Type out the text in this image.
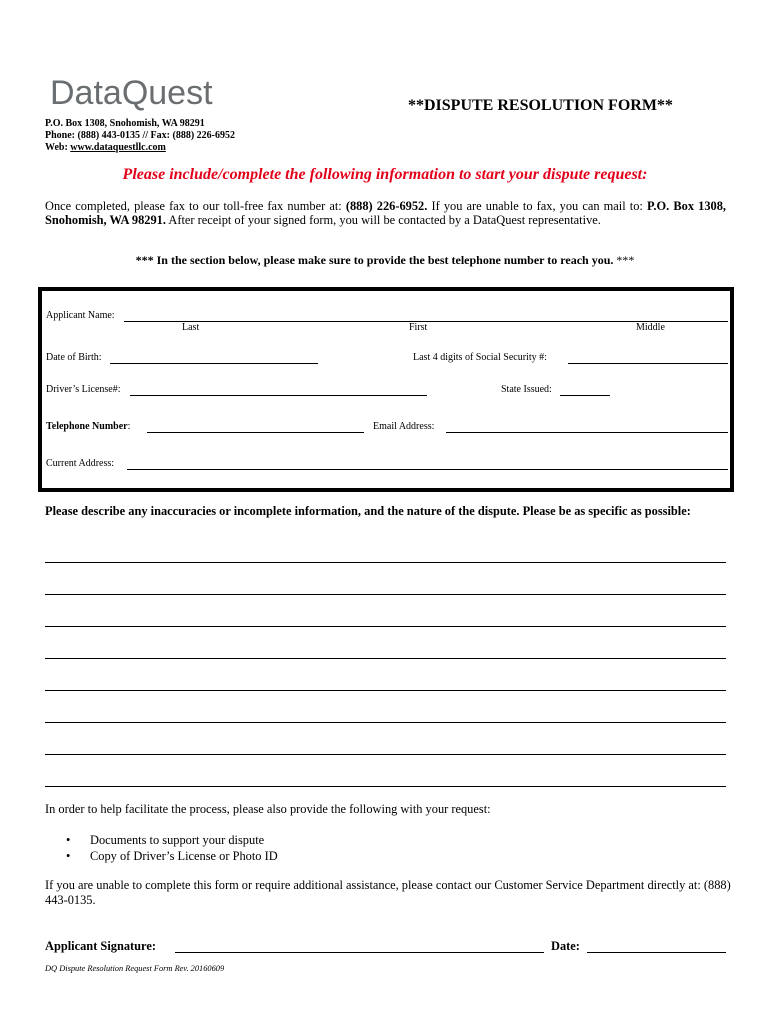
DataQuest	**DISPUTE RESOLUTION FORM**
P.O. Box 1308, Snohomish, WA 98291
Phone: (888) 443-0135 // Fax: (888) 226-6952
Web: www.dataquestllc.com
Please include/complete the following information to start your dispute request:
Once completed, please fax to our toll-free fax number at: (888) 226-6952. If you are unable to fax, you can mail to: P.O. Box 1308, Snohomish, WA 98291. After receipt of your signed form, you will be contacted by a DataQuest representative.
*** In the section below, please make sure to provide the best telephone number to reach you. ***
Applicant Name:
Last	First	Middle
Date of Birth:	Last 4 digits of Social Security #:
Driver’s License#:	State Issued:
Telephone Number:	Email Address:
Current Address:
Please describe any inaccuracies or incomplete information, and the nature of the dispute. Please be as specific as possible:
In order to help facilitate the process, please also provide the following with your request:
•	Documents to support your dispute
•	Copy of Driver’s License or Photo ID
If you are unable to complete this form or require additional assistance, please contact our Customer Service Department directly at: (888) 443-0135.
Applicant Signature:	Date:
DQ Dispute Resolution Request Form Rev. 20160609
